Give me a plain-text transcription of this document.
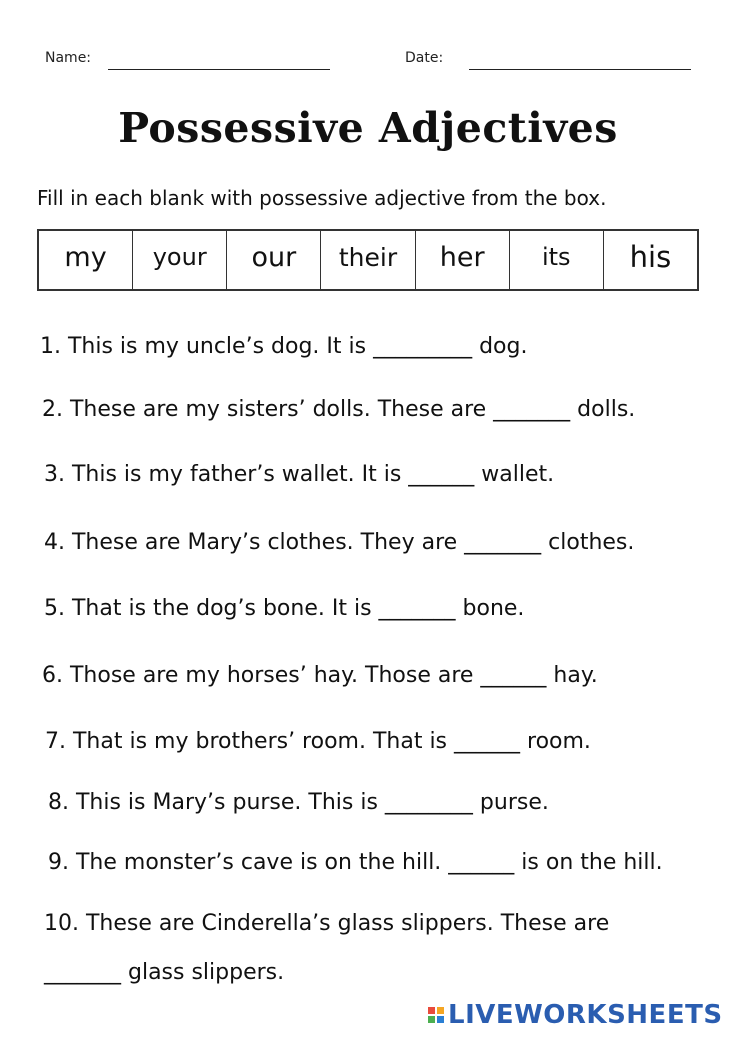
Name:	Date:
Possessive Adjectives
Fill in each blank with possessive adjective from the box.
my	your	our	their	her	its	his
1. This is my uncle’s dog. It is _________ dog.
2. These are my sisters’ dolls. These are _______ dolls.
3. This is my father’s wallet. It is ______ wallet.
4. These are Mary’s clothes. They are _______ clothes.
5. That is the dog’s bone. It is _______ bone.
6. Those are my horses’ hay. Those are ______ hay.
7. That is my brothers’ room. That is ______ room.
8. This is Mary’s purse. This is ________ purse.
9. The monster’s cave is on the hill. ______ is on the hill.
10. These are Cinderella’s glass slippers. These are
_______ glass slippers.
LIVEWORKSHEETS
